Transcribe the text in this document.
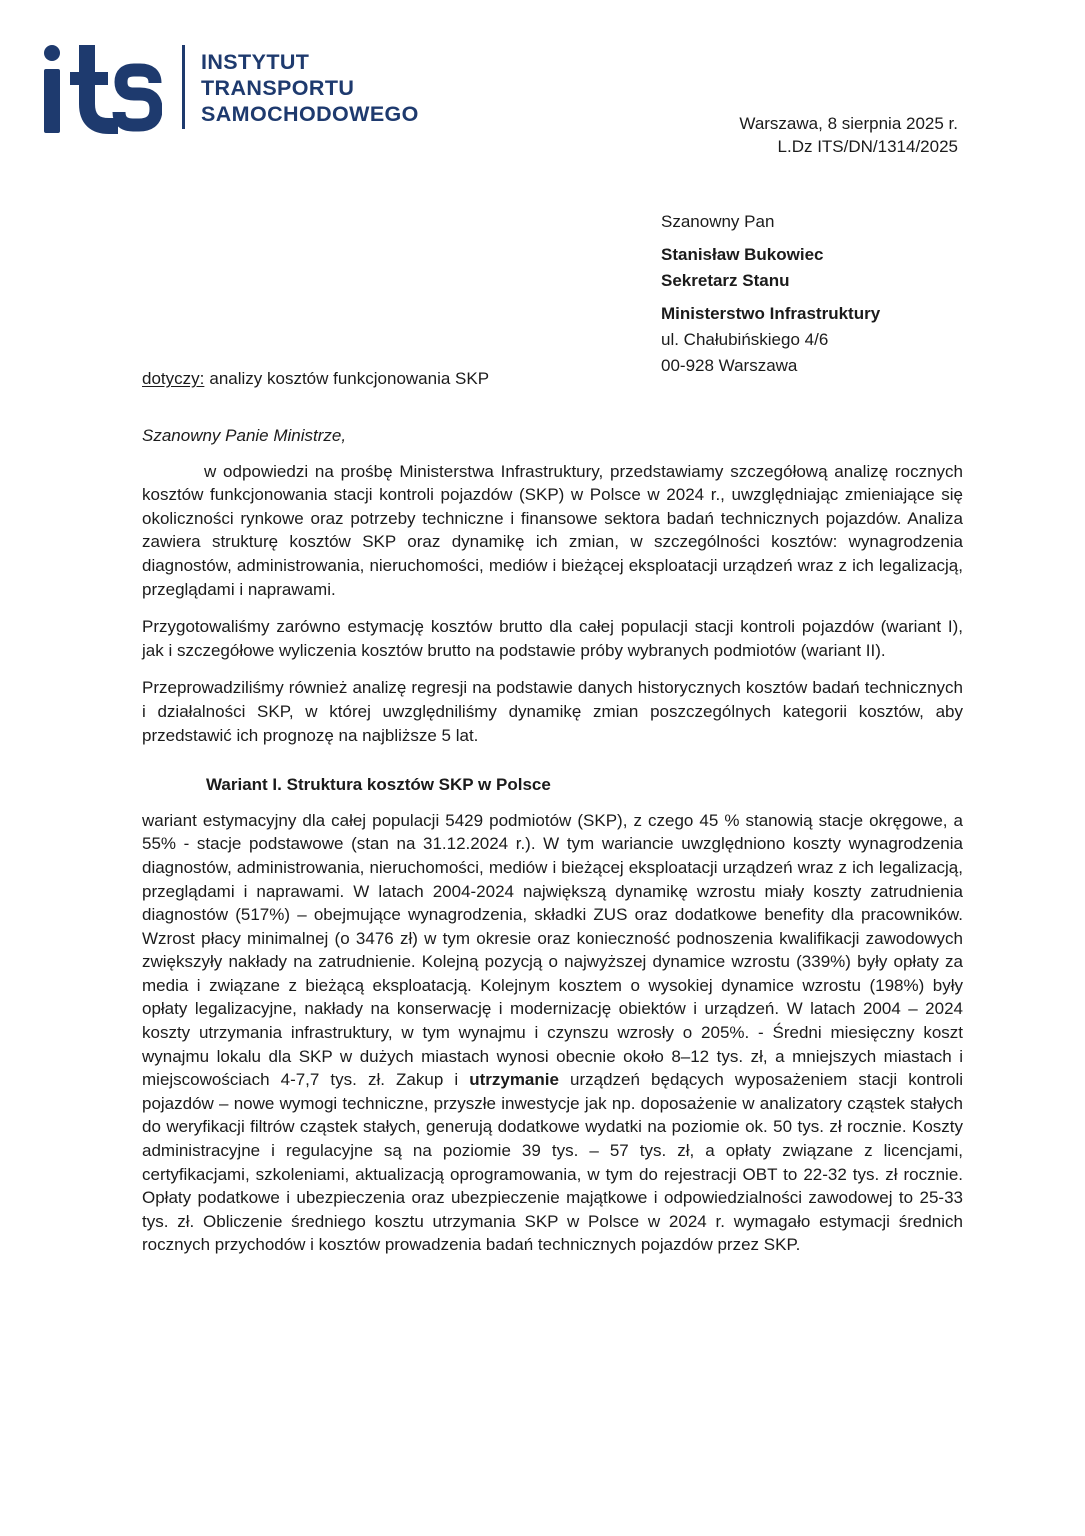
INSTYTUT
TRANSPORTU
SAMOCHODOWEGO	Warszawa, 8 sierpnia 2025 r.
L.Dz ITS/DN/1314/2025

Szanowny Pan

Stanisław Bukowiec

Sekretarz Stanu

Ministerstwo Infrastruktury

ul. Chałubińskiego 4/6

00-928 Warszawa

dotyczy: analizy kosztów funkcjonowania SKP

Szanowny Panie Ministrze,

w odpowiedzi na prośbę Ministerstwa Infrastruktury, przedstawiamy szczegółową analizę rocznych kosztów funkcjonowania stacji kontroli pojazdów (SKP) w Polsce w 2024 r., uwzględniając zmieniające się okoliczności rynkowe oraz potrzeby techniczne i finansowe sektora badań technicznych pojazdów. Analiza zawiera strukturę kosztów SKP oraz dynamikę ich zmian, w szczególności kosztów: wynagrodzenia diagnostów, administrowania, nieruchomości, mediów i bieżącej eksploatacji urządzeń wraz z ich legalizacją, przeglądami i naprawami.

Przygotowaliśmy zarówno estymację kosztów brutto dla całej populacji stacji kontroli pojazdów (wariant I), jak i szczegółowe wyliczenia kosztów brutto na podstawie próby wybranych podmiotów (wariant II).

Przeprowadziliśmy również analizę regresji na podstawie danych historycznych kosztów badań technicznych i działalności SKP, w której uwzględniliśmy dynamikę zmian poszczególnych kategorii kosztów, aby przedstawić ich prognozę na najbliższe 5 lat.

Wariant I. Struktura kosztów SKP w Polsce

wariant estymacyjny dla całej populacji 5429 podmiotów (SKP), z czego 45 % stanowią stacje okręgowe, a 55% - stacje podstawowe (stan na 31.12.2024 r.). W tym wariancie uwzględniono koszty wynagrodzenia diagnostów, administrowania, nieruchomości, mediów i bieżącej eksploatacji urządzeń wraz z ich legalizacją, przeglądami i naprawami. W latach 2004-2024 największą dynamikę wzrostu miały koszty zatrudnienia diagnostów (517%) – obejmujące wynagrodzenia, składki ZUS oraz dodatkowe benefity dla pracowników. Wzrost płacy minimalnej (o 3476 zł) w tym okresie oraz konieczność podnoszenia kwalifikacji zawodowych zwiększyły nakłady na zatrudnienie. Kolejną pozycją o najwyższej dynamice wzrostu (339%) były opłaty za media i związane z bieżącą eksploatacją. Kolejnym kosztem o wysokiej dynamice wzrostu (198%) były opłaty legalizacyjne, nakłady na konserwację i modernizację obiektów i urządzeń. W latach 2004 – 2024 koszty utrzymania infrastruktury, w tym wynajmu i czynszu wzrosły o 205%. - Średni miesięczny koszt wynajmu lokalu dla SKP w dużych miastach wynosi obecnie około 8–12 tys. zł, a mniejszych miastach i miejscowościach 4-7,7 tys. zł. Zakup i utrzymanie urządzeń będących wyposażeniem stacji kontroli pojazdów – nowe wymogi techniczne, przyszłe inwestycje jak np. doposażenie w analizatory cząstek stałych do weryfikacji filtrów cząstek stałych, generują dodatkowe wydatki na poziomie ok. 50 tys. zł rocznie. Koszty administracyjne i regulacyjne są na poziomie 39 tys. – 57 tys. zł, a opłaty związane z licencjami, certyfikacjami, szkoleniami, aktualizacją oprogramowania, w tym do rejestracji OBT to 22-32 tys. zł rocznie. Opłaty podatkowe i ubezpieczenia oraz ubezpieczenie majątkowe i odpowiedzialności zawodowej to 25-33 tys. zł. Obliczenie średniego kosztu utrzymania SKP w Polsce w 2024 r. wymagało estymacji średnich rocznych przychodów i kosztów prowadzenia badań technicznych pojazdów przez SKP.
